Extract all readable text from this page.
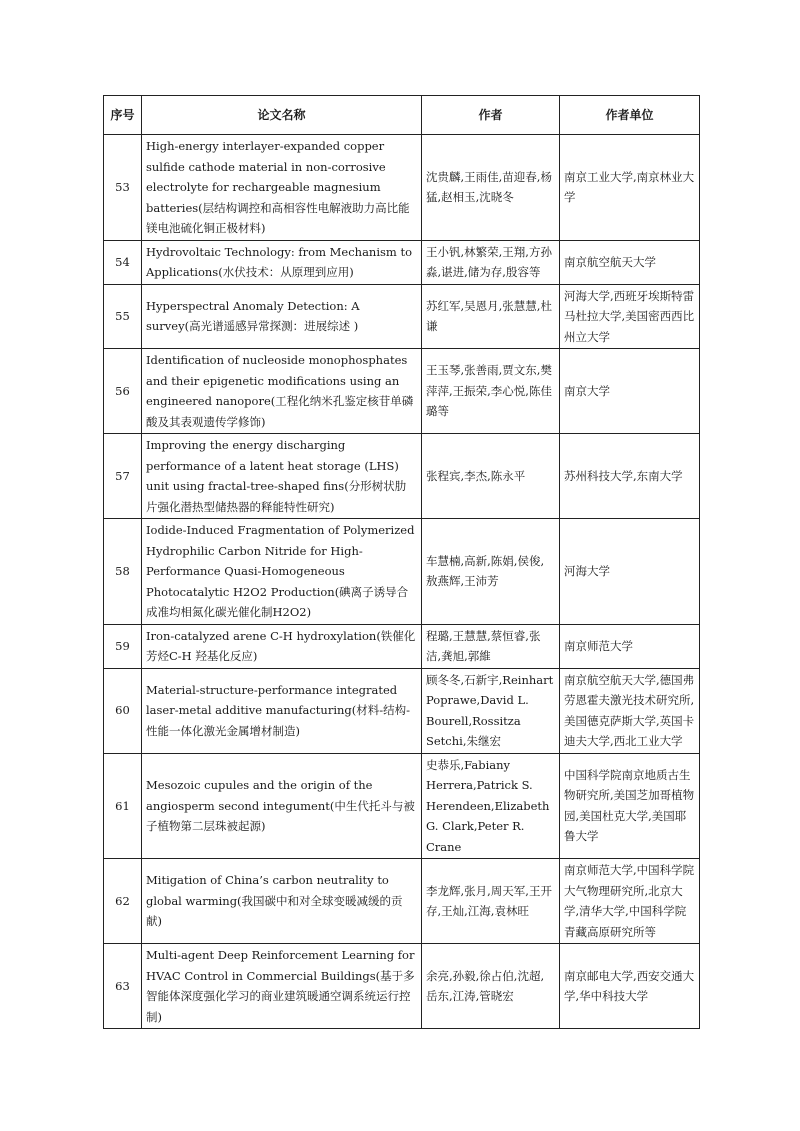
序号	论文名称	作者	作者单位
53	High-energy interlayer-expanded copper sulfide cathode material in non-corrosive electrolyte for rechargeable magnesium batteries(层结构调控和高相容性电解液助力高比能镁电池硫化铜正极材料)	沈贵麟,王雨佳,苗迎春,杨猛,赵相玉,沈晓冬	南京工业大学,南京林业大学
54	Hydrovoltaic Technology: from Mechanism to Applications(水伏技术：从原理到应用)	王小钒,林繁荣,王翔,方孙淼,谌进,储为存,殷容等	南京航空航天大学
55	Hyperspectral Anomaly Detection: A survey(高光谱遥感异常探测：进展综述 )	苏红军,吴恩月,张慧慧,杜谦	河海大学,西班牙埃斯特雷马杜拉大学,美国密西西比州立大学
56	Identification of nucleoside monophosphates and their epigenetic modifications using an engineered nanopore(工程化纳米孔鉴定核苷单磷酸及其表观遗传学修饰)	王玉琴,张善雨,贾文东,樊萍萍,王振荣,李心悦,陈佳璐等	南京大学
57	Improving the energy discharging performance of a latent heat storage (LHS) unit using fractal-tree-shaped fins(分形树状肋片强化潜热型储热器的释能特性研究)	张程宾,李杰,陈永平	苏州科技大学,东南大学
58	Iodide-Induced Fragmentation of Polymerized Hydrophilic Carbon Nitride for High-Performance Quasi-Homogeneous Photocatalytic H2O2 Production(碘离子诱导合成准均相氮化碳光催化制H2O2)	车慧楠,高新,陈娟,侯俊,敖燕辉,王沛芳	河海大学
59	Iron-catalyzed arene C-H hydroxylation(铁催化芳烃C-H 羟基化反应)	程璐,王慧慧,蔡恒睿,张洁,龚旭,郭維	南京师范大学
60	Material-structure-performance integrated laser-metal additive manufacturing(材料-结构-性能一体化激光金属增材制造)	顾冬冬,石新宇,Reinhart Poprawe,David L. Bourell,Rossitza Setchi,朱继宏	南京航空航天大学,德国弗劳恩霍夫激光技术研究所,美国德克萨斯大学,英国卡迪夫大学,西北工业大学
61	Mesozoic cupules and the origin of the angiosperm second integument(中生代托斗与被子植物第二层珠被起源)	史恭乐,Fabiany Herrera,Patrick S. Herendeen,Elizabeth G. Clark,Peter R. Crane	中国科学院南京地质古生物研究所,美国芝加哥植物园,美国杜克大学,美国耶鲁大学
62	Mitigation of China’s carbon neutrality to global warming(我国碳中和对全球变暖减缓的贡献)	李龙辉,张月,周天军,王开存,王灿,江海,袁林旺	南京师范大学,中国科学院大气物理研究所,北京大学,清华大学,中国科学院青藏高原研究所等
63	Multi-agent Deep Reinforcement Learning for HVAC Control in Commercial Buildings(基于多智能体深度强化学习的商业建筑暖通空调系统运行控制)	余亮,孙毅,徐占伯,沈超,岳东,江涛,管晓宏	南京邮电大学,西安交通大学,华中科技大学
